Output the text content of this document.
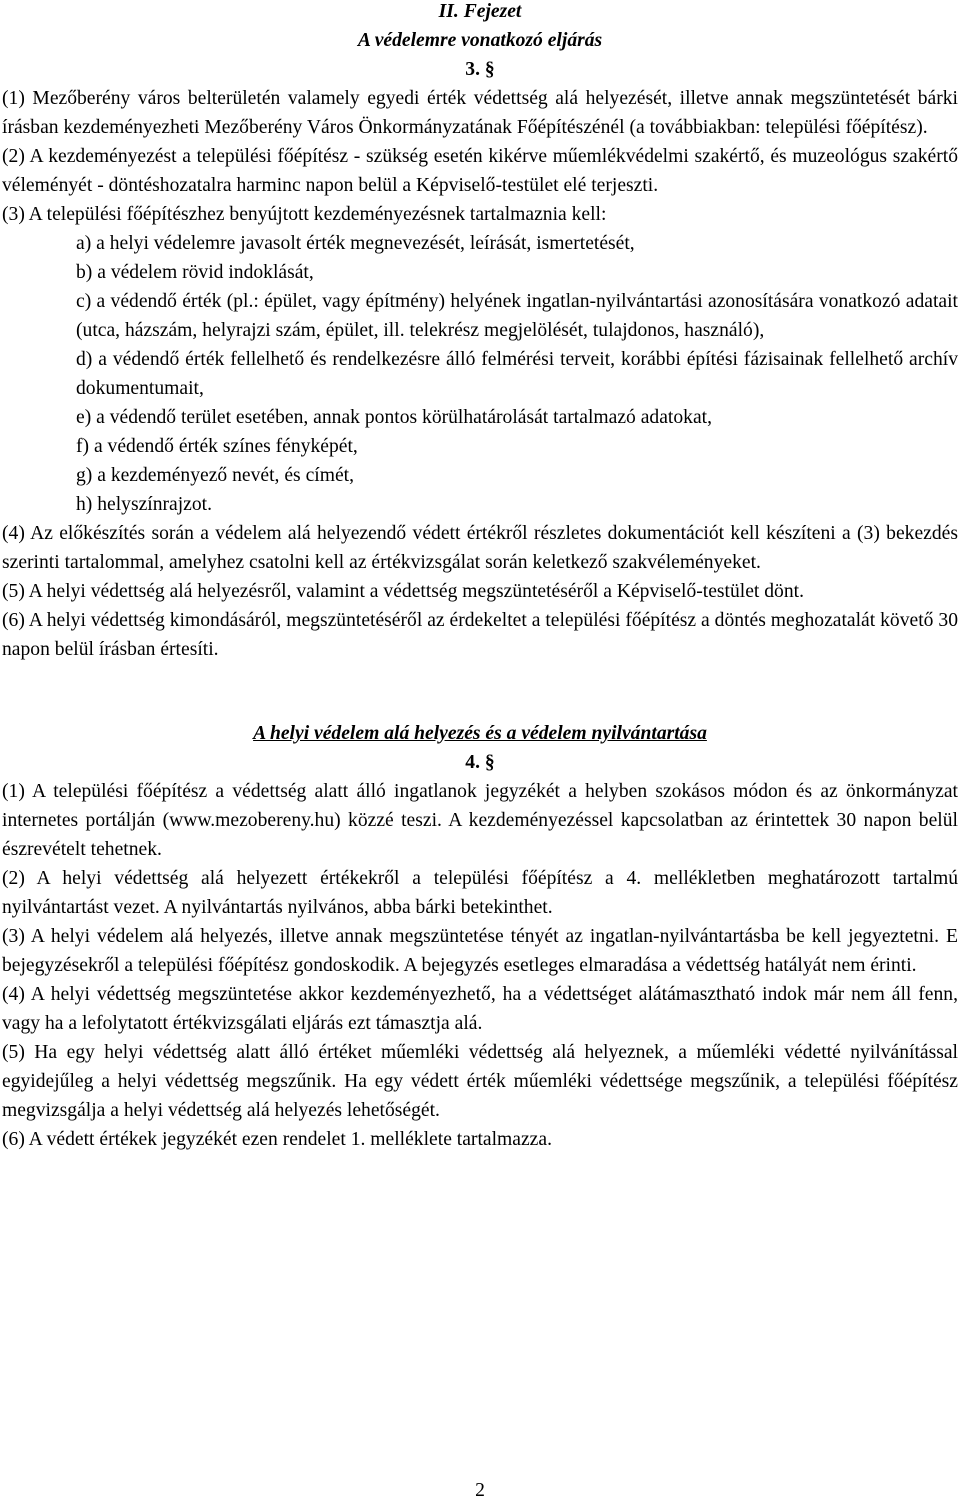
II. Fejezet
A védelemre vonatkozó eljárás
3. §

(1) Mezőberény város belterületén valamely egyedi érték védettség alá helyezését, illetve annak megszüntetését bárki írásban kezdeményezheti Mezőberény Város Önkormányzatának Főépítészénél (a továbbiakban: települési főépítész).

(2) A kezdeményezést a települési főépítész - szükség esetén kikérve műemlékvédelmi szakértő, és muzeológus szakértő véleményét - döntéshozatalra harminc napon belül a Képviselő-testület elé terjeszti.

(3) A települési főépítészhez benyújtott kezdeményezésnek tartalmaznia kell:

a) a helyi védelemre javasolt érték megnevezését, leírását, ismertetését,

b) a védelem rövid indoklását,

c) a védendő érték (pl.: épület, vagy építmény) helyének ingatlan-nyilvántartási azonosítására vonatkozó adatait (utca, házszám, helyrajzi szám, épület, ill. telekrész megjelölését, tulajdonos, használó),

d) a védendő érték fellelhető és rendelkezésre álló felmérési terveit, korábbi építési fázisainak fellelhető archív dokumentumait,

e) a védendő terület esetében, annak pontos körülhatárolását tartalmazó adatokat,

f) a védendő érték színes fényképét,

g) a kezdeményező nevét, és címét,

h) helyszínrajzot.

(4) Az előkészítés során a védelem alá helyezendő védett értékről részletes dokumentációt kell készíteni a (3) bekezdés szerinti tartalommal, amelyhez csatolni kell az értékvizsgálat során keletkező szakvéleményeket.

(5) A helyi védettség alá helyezésről, valamint a védettség megszüntetéséről a Képviselő-testület dönt.

(6) A helyi védettség kimondásáról, megszüntetéséről az érdekeltet a települési főépítész a döntés meghozatalát követő 30 napon belül írásban értesíti.

A helyi védelem alá helyezés és a védelem nyilvántartása
4. §

(1) A települési főépítész a védettség alatt álló ingatlanok jegyzékét a helyben szokásos módon és az önkormányzat internetes portálján (www.mezobereny.hu) közzé teszi. A kezdeményezéssel kapcsolatban az érintettek 30 napon belül észrevételt tehetnek.

(2) A helyi védettség alá helyezett értékekről a települési főépítész a 4. mellékletben meghatározott tartalmú nyilvántartást vezet. A nyilvántartás nyilvános, abba bárki betekinthet.

(3) A helyi védelem alá helyezés, illetve annak megszüntetése tényét az ingatlan-nyilvántartásba be kell jegyeztetni. E bejegyzésekről a települési főépítész gondoskodik. A bejegyzés esetleges elmaradása a védettség hatályát nem érinti.

(4) A helyi védettség megszüntetése akkor kezdeményezhető, ha a védettséget alátámasztható indok már nem áll fenn, vagy ha a lefolytatott értékvizsgálati eljárás ezt támasztja alá.

(5) Ha egy helyi védettség alatt álló értéket műemléki védettség alá helyeznek, a műemléki védetté nyilvánítással egyidejűleg a helyi védettség megszűnik. Ha egy védett érték műemléki védettsége megszűnik, a települési főépítész megvizsgálja a helyi védettség alá helyezés lehetőségét.

(6) A védett értékek jegyzékét ezen rendelet 1. melléklete tartalmazza.

2
